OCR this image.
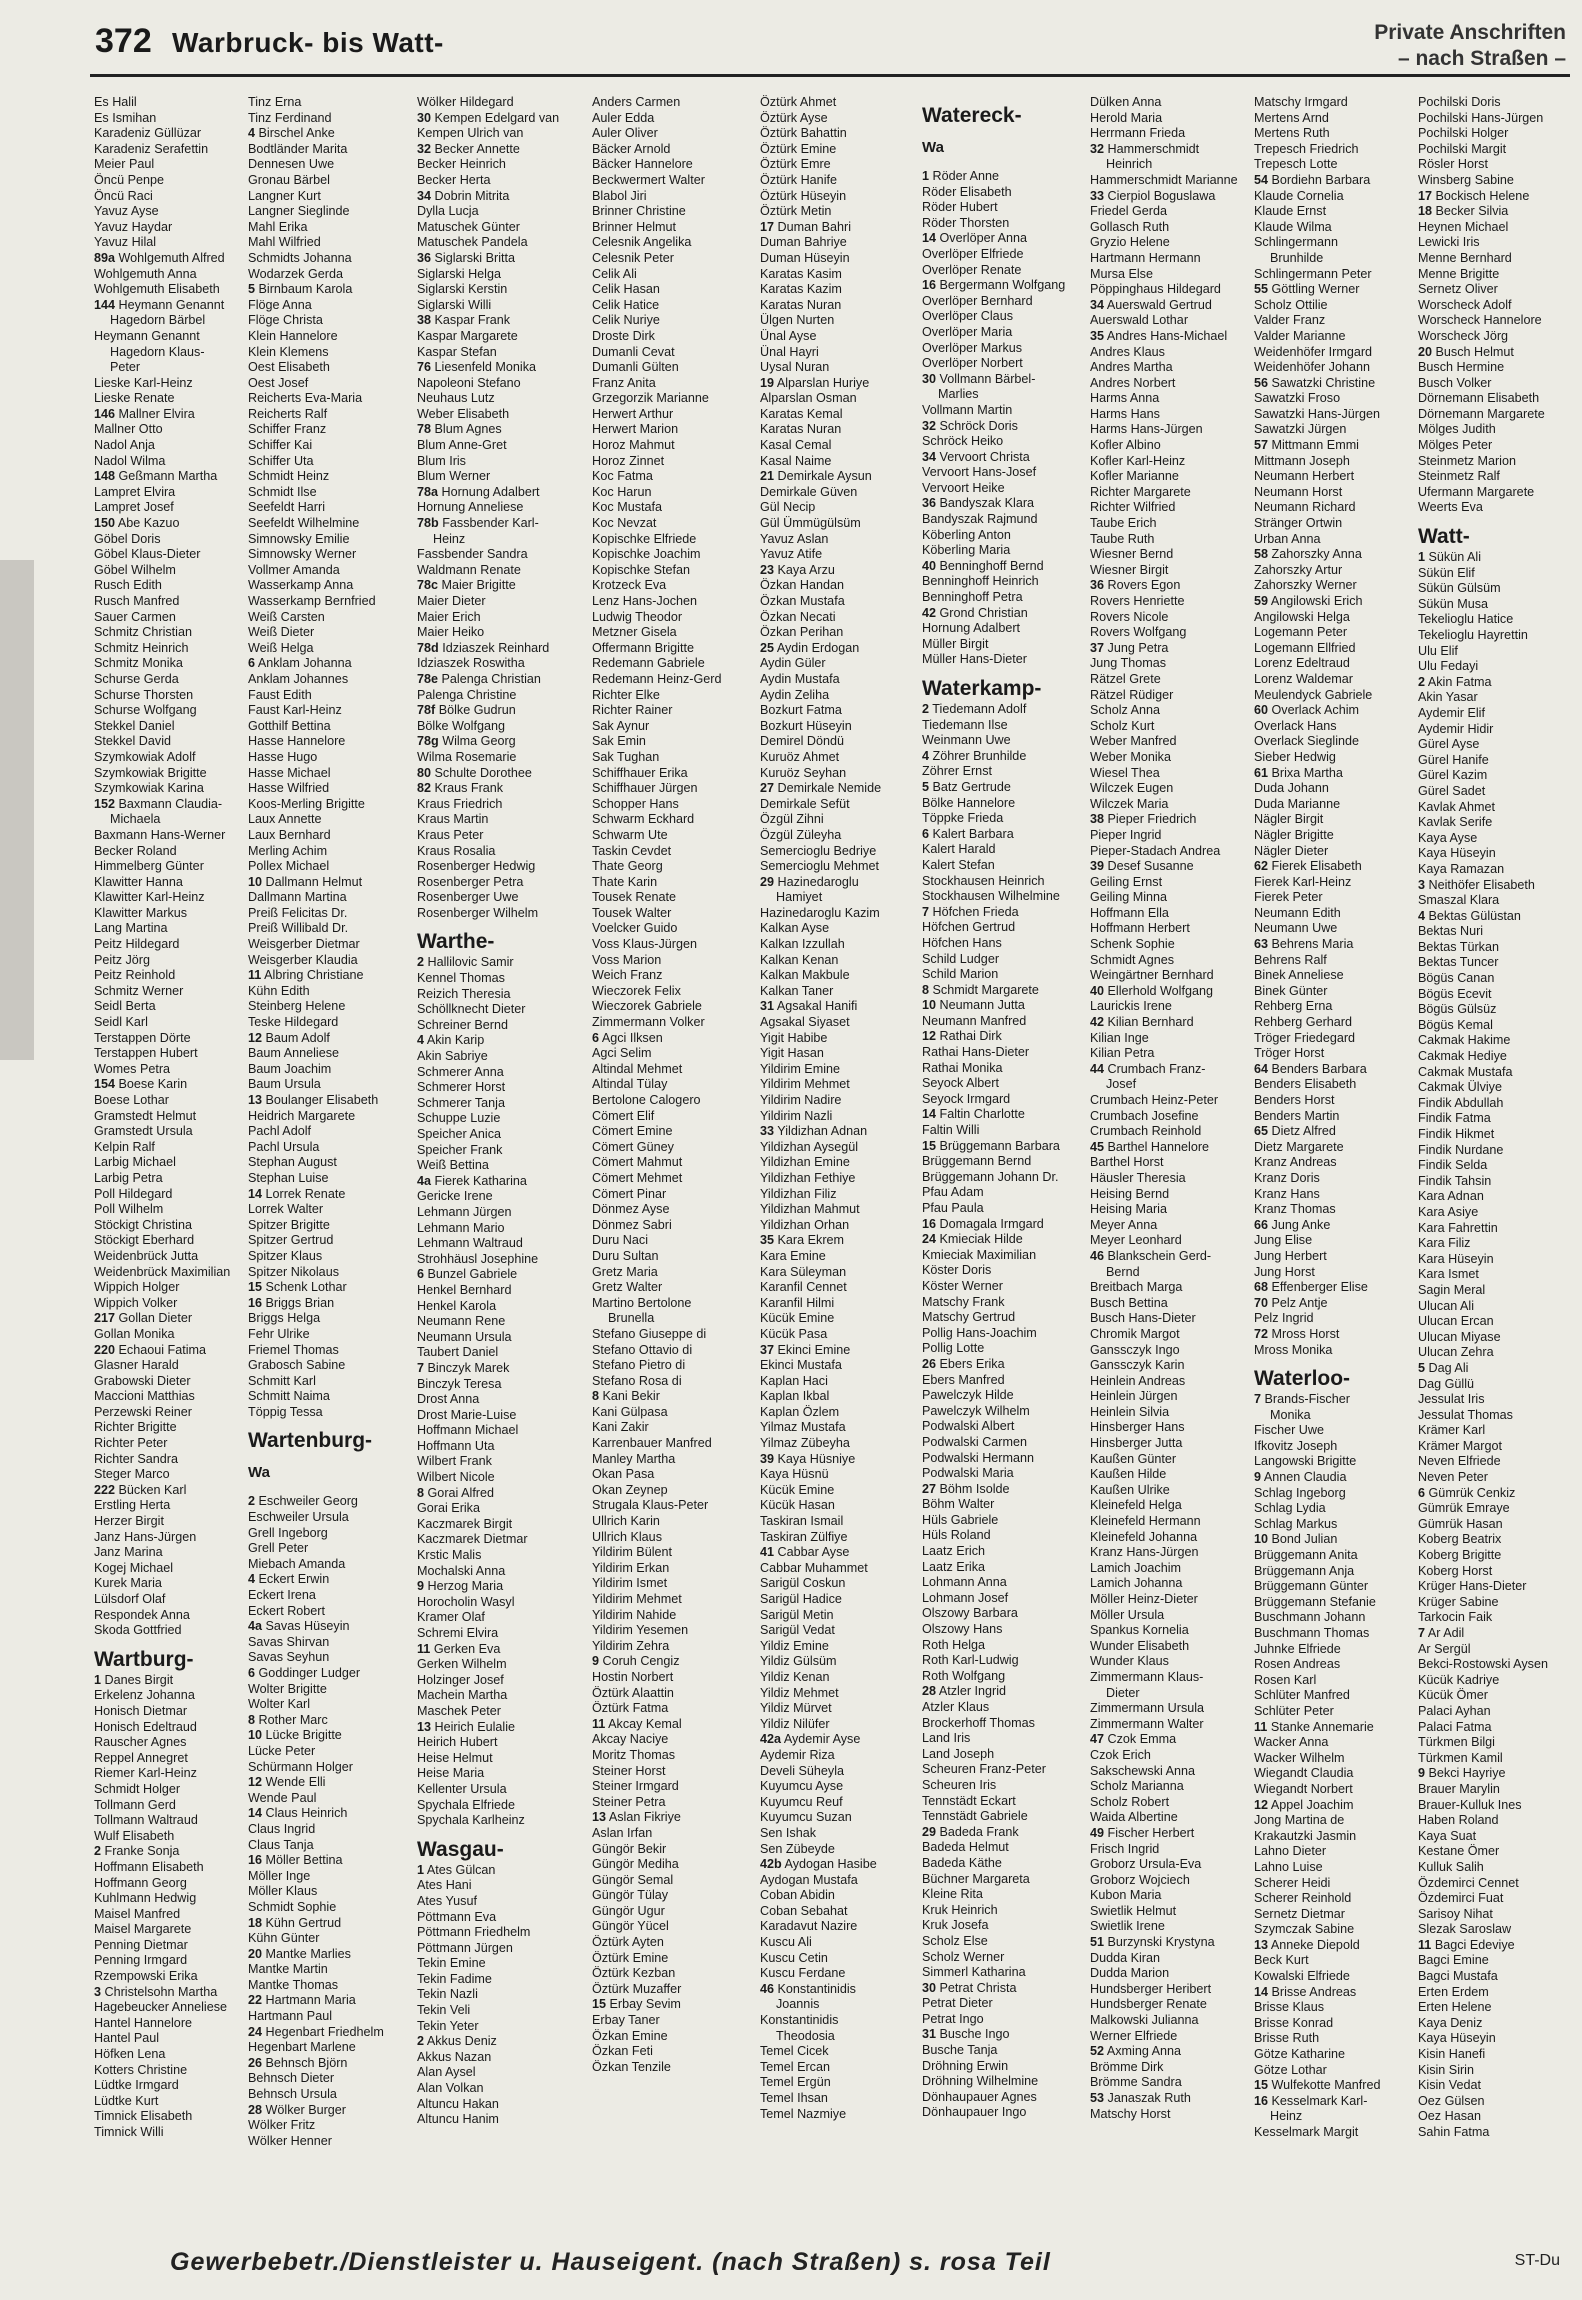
372 Warbruck- bis Watt-	Private Anschriften
– nach Straßen –
Es Halil
Es Ismihan
Karadeniz Güllüzar
Karadeniz Serafettin
Meier Paul
Öncü Penpe
Öncü Raci
Yavuz Ayse
Yavuz Haydar
Yavuz Hilal
89a Wohlgemuth Alfred
Wohlgemuth Anna
Wohlgemuth Elisabeth
144 Heymann Genannt
Hagedorn Bärbel
Heymann Genannt
Hagedorn Klaus-
Peter
Lieske Karl-Heinz
Lieske Renate
146 Mallner Elvira
Mallner Otto
Nadol Anja
Nadol Wilma
148 Geßmann Martha
Lampret Elvira
Lampret Josef
150 Abe Kazuo
Göbel Doris
Göbel Klaus-Dieter
Göbel Wilhelm
Rusch Edith
Rusch Manfred
Sauer Carmen
Schmitz Christian
Schmitz Heinrich
Schmitz Monika
Schurse Gerda
Schurse Thorsten
Schurse Wolfgang
Stekkel Daniel
Stekkel David
Szymkowiak Adolf
Szymkowiak Brigitte
Szymkowiak Karina
152 Baxmann Claudia-
Michaela
Baxmann Hans-Werner
Becker Roland
Himmelberg Günter
Klawitter Hanna
Klawitter Karl-Heinz
Klawitter Markus
Lang Martina
Peitz Hildegard
Peitz Jörg
Peitz Reinhold
Schmitz Werner
Seidl Berta
Seidl Karl
Terstappen Dörte
Terstappen Hubert
Womes Petra
154 Boese Karin
Boese Lothar
Gramstedt Helmut
Gramstedt Ursula
Kelpin Ralf
Larbig Michael
Larbig Petra
Poll Hildegard
Poll Wilhelm
Stöckigt Christina
Stöckigt Eberhard
Weidenbrück Jutta
Weidenbrück Maximilian
Wippich Holger
Wippich Volker
217 Gollan Dieter
Gollan Monika
220 Echaoui Fatima
Glasner Harald
Grabowski Dieter
Maccioni Matthias
Perzewski Reiner
Richter Brigitte
Richter Peter
Richter Sandra
Steger Marco
222 Bücken Karl
Erstling Herta
Herzer Birgit
Janz Hans-Jürgen
Janz Marina
Kogej Michael
Kurek Maria
Lülsdorf Olaf
Respondek Anna
Skoda Gottfried
Wartburg-
1 Danes Birgit
Erkelenz Johanna
Honisch Dietmar
Honisch Edeltraud
Rauscher Agnes
Reppel Annegret
Riemer Karl-Heinz
Schmidt Holger
Tollmann Gerd
Tollmann Waltraud
Wulf Elisabeth
2 Franke Sonja
Hoffmann Elisabeth
Hoffmann Georg
Kuhlmann Hedwig
Maisel Manfred
Maisel Margarete
Penning Dietmar
Penning Irmgard
Rzempowski Erika
3 Christelsohn Martha
Hagebeucker Anneliese
Hantel Hannelore
Hantel Paul
Höfken Lena
Kotters Christine
Lüdtke Irmgard
Lüdtke Kurt
Timnick Elisabeth
Timnick Willi
Tinz Erna
Tinz Ferdinand
4 Birschel Anke
Bodtländer Marita
Dennesen Uwe
Gronau Bärbel
Langner Kurt
Langner Sieglinde
Mahl Erika
Mahl Wilfried
Schmidts Johanna
Wodarzek Gerda
5 Birnbaum Karola
Flöge Anna
Flöge Christa
Klein Hannelore
Klein Klemens
Oest Elisabeth
Oest Josef
Reicherts Eva-Maria
Reicherts Ralf
Schiffer Franz
Schiffer Kai
Schiffer Uta
Schmidt Heinz
Schmidt Ilse
Seefeldt Harri
Seefeldt Wilhelmine
Simnowsky Emilie
Simnowsky Werner
Vollmer Amanda
Wasserkamp Anna
Wasserkamp Bernfried
Weiß Carsten
Weiß Dieter
Weiß Helga
6 Anklam Johanna
Anklam Johannes
Faust Edith
Faust Karl-Heinz
Gotthilf Bettina
Hasse Hannelore
Hasse Hugo
Hasse Michael
Hasse Wilfried
Koos-Merling Brigitte
Laux Annette
Laux Bernhard
Merling Achim
Pollex Michael
10 Dallmann Helmut
Dallmann Martina
Preiß Felicitas Dr.
Preiß Willibald Dr.
Weisgerber Dietmar
Weisgerber Klaudia
11 Albring Christiane
Kühn Edith
Steinberg Helene
Teske Hildegard
12 Baum Adolf
Baum Anneliese
Baum Joachim
Baum Ursula
13 Boulanger Elisabeth
Heidrich Margarete
Pachl Adolf
Pachl Ursula
Stephan August
Stephan Luise
14 Lorrek Renate
Lorrek Walter
Spitzer Brigitte
Spitzer Gertrud
Spitzer Klaus
Spitzer Nikolaus
15 Schenk Lothar
16 Briggs Brian
Briggs Helga
Fehr Ulrike
Friemel Thomas
Grabosch Sabine
Schmitt Karl
Schmitt Naima
Töppig Tessa
Wartenburg-
Wa
2 Eschweiler Georg
Eschweiler Ursula
Grell Ingeborg
Grell Peter
Miebach Amanda
4 Eckert Erwin
Eckert Irena
Eckert Robert
4a Savas Hüseyin
Savas Shirvan
Savas Seyhun
6 Goddinger Ludger
Wolter Brigitte
Wolter Karl
8 Rother Marc
10 Lücke Brigitte
Lücke Peter
Schürmann Holger
12 Wende Elli
Wende Paul
14 Claus Heinrich
Claus Ingrid
Claus Tanja
16 Möller Bettina
Möller Inge
Möller Klaus
Schmidt Sophie
18 Kühn Gertrud
Kühn Günter
20 Mantke Marlies
Mantke Martin
Mantke Thomas
22 Hartmann Maria
Hartmann Paul
24 Hegenbart Friedhelm
Hegenbart Marlene
26 Behnsch Björn
Behnsch Dieter
Behnsch Ursula
28 Wölker Burger
Wölker Fritz
Wölker Henner
Wölker Hildegard
30 Kempen Edelgard van
Kempen Ulrich van
32 Becker Annette
Becker Heinrich
Becker Herta
34 Dobrin Mitrita
Dylla Lucja
Matuschek Günter
Matuschek Pandela
36 Siglarski Britta
Siglarski Helga
Siglarski Kerstin
Siglarski Willi
38 Kaspar Frank
Kaspar Margarete
Kaspar Stefan
76 Liesenfeld Monika
Napoleoni Stefano
Neuhaus Lutz
Weber Elisabeth
78 Blum Agnes
Blum Anne-Gret
Blum Iris
Blum Werner
78a Hornung Adalbert
Hornung Anneliese
78b Fassbender Karl-
Heinz
Fassbender Sandra
Waldmann Renate
78c Maier Brigitte
Maier Dieter
Maier Erich
Maier Heiko
78d Idziaszek Reinhard
Idziaszek Roswitha
78e Palenga Christian
Palenga Christine
78f Bölke Gudrun
Bölke Wolfgang
78g Wilma Georg
Wilma Rosemarie
80 Schulte Dorothee
82 Kraus Frank
Kraus Friedrich
Kraus Martin
Kraus Peter
Kraus Rosalia
Rosenberger Hedwig
Rosenberger Petra
Rosenberger Uwe
Rosenberger Wilhelm
Warthe-
2 Hallilovic Samir
Kennel Thomas
Reizich Theresia
Schöllknecht Dieter
Schreiner Bernd
4 Akin Karip
Akin Sabriye
Schmerer Anna
Schmerer Horst
Schmerer Tanja
Schuppe Luzie
Speicher Anica
Speicher Frank
Weiß Bettina
4a Fierek Katharina
Gericke Irene
Lehmann Jürgen
Lehmann Mario
Lehmann Waltraud
Strohhäusl Josephine
6 Bunzel Gabriele
Henkel Bernhard
Henkel Karola
Neumann Rene
Neumann Ursula
Taubert Daniel
7 Binczyk Marek
Binczyk Teresa
Drost Anna
Drost Marie-Luise
Hoffmann Michael
Hoffmann Uta
Wilbert Frank
Wilbert Nicole
8 Gorai Alfred
Gorai Erika
Kaczmarek Birgit
Kaczmarek Dietmar
Krstic Malis
Mochalski Anna
9 Herzog Maria
Horocholin Wasyl
Kramer Olaf
Schremi Elvira
11 Gerken Eva
Gerken Wilhelm
Holzinger Josef
Machein Martha
Maschek Peter
13 Heirich Eulalie
Heirich Hubert
Heise Helmut
Heise Maria
Kellenter Ursula
Spychala Elfriede
Spychala Karlheinz
Wasgau-
1 Ates Gülcan
Ates Hani
Ates Yusuf
Pöttmann Eva
Pöttmann Friedhelm
Pöttmann Jürgen
Tekin Emine
Tekin Fadime
Tekin Nazli
Tekin Veli
Tekin Yeter
2 Akkus Deniz
Akkus Nazan
Alan Aysel
Alan Volkan
Altuncu Hakan
Altuncu Hanim
Anders Carmen
Auler Edda
Auler Oliver
Bäcker Arnold
Bäcker Hannelore
Beckwermert Walter
Blabol Jiri
Brinner Christine
Brinner Helmut
Celesnik Angelika
Celesnik Peter
Celik Ali
Celik Hasan
Celik Hatice
Celik Nuriye
Droste Dirk
Dumanli Cevat
Dumanli Gülten
Franz Anita
Grzegorzik Marianne
Herwert Arthur
Herwert Marion
Horoz Mahmut
Horoz Zinnet
Koc Fatma
Koc Harun
Koc Mustafa
Koc Nevzat
Kopischke Elfriede
Kopischke Joachim
Kopischke Stefan
Krotzeck Eva
Lenz Hans-Jochen
Ludwig Theodor
Metzner Gisela
Offermann Brigitte
Redemann Gabriele
Redemann Heinz-Gerd
Richter Elke
Richter Rainer
Sak Aynur
Sak Emin
Sak Tughan
Schiffhauer Erika
Schiffhauer Jürgen
Schopper Hans
Schwarm Eckhard
Schwarm Ute
Taskin Cevdet
Thate Georg
Thate Karin
Tousek Renate
Tousek Walter
Voelcker Guido
Voss Klaus-Jürgen
Voss Marion
Weich Franz
Wieczorek Felix
Wieczorek Gabriele
Zimmermann Volker
6 Agci Ilksen
Agci Selim
Altindal Mehmet
Altindal Tülay
Bertolone Calogero
Cömert Elif
Cömert Emine
Cömert Güney
Cömert Mahmut
Cömert Mehmet
Cömert Pinar
Dönmez Ayse
Dönmez Sabri
Duru Naci
Duru Sultan
Gretz Maria
Gretz Walter
Martino Bertolone
Brunella
Stefano Giuseppe di
Stefano Ottavio di
Stefano Pietro di
Stefano Rosa di
8 Kani Bekir
Kani Gülpasa
Kani Zakir
Karrenbauer Manfred
Manley Martha
Okan Pasa
Okan Zeynep
Strugala Klaus-Peter
Ullrich Karin
Ullrich Klaus
Yildirim Bülent
Yildirim Erkan
Yildirim Ismet
Yildirim Mehmet
Yildirim Nahide
Yildirim Yesemen
Yildirim Zehra
9 Coruh Cengiz
Hostin Norbert
Öztürk Alaattin
Öztürk Fatma
11 Akcay Kemal
Akcay Naciye
Moritz Thomas
Steiner Horst
Steiner Irmgard
Steiner Petra
13 Aslan Fikriye
Aslan Irfan
Güngör Bekir
Güngör Mediha
Güngör Semal
Güngör Tülay
Güngör Ugur
Güngör Yücel
Öztürk Ayten
Öztürk Emine
Öztürk Kezban
Öztürk Muzaffer
15 Erbay Sevim
Erbay Taner
Özkan Emine
Özkan Feti
Özkan Tenzile
Öztürk Ahmet
Öztürk Ayse
Öztürk Bahattin
Öztürk Emine
Öztürk Emre
Öztürk Hanife
Öztürk Hüseyin
Öztürk Metin
17 Duman Bahri
Duman Bahriye
Duman Hüseyin
Karatas Kasim
Karatas Kazim
Karatas Nuran
Ülgen Nurten
Ünal Ayse
Ünal Hayri
Uysal Nuran
19 Alparslan Huriye
Alparslan Osman
Karatas Kemal
Karatas Nuran
Kasal Cemal
Kasal Naime
21 Demirkale Aysun
Demirkale Güven
Gül Necip
Gül Ümmügülsüm
Yavuz Aslan
Yavuz Atife
23 Kaya Arzu
Özkan Handan
Özkan Mustafa
Özkan Necati
Özkan Perihan
25 Aydin Erdogan
Aydin Güler
Aydin Mustafa
Aydin Zeliha
Bozkurt Fatma
Bozkurt Hüseyin
Demirel Döndü
Kuruöz Ahmet
Kuruöz Seyhan
27 Demirkale Nemide
Demirkale Sefüt
Özgül Zihni
Özgül Züleyha
Semercioglu Bedriye
Semercioglu Mehmet
29 Hazinedaroglu
Hamiyet
Hazinedaroglu Kazim
Kalkan Ayse
Kalkan Izzullah
Kalkan Kenan
Kalkan Makbule
Kalkan Taner
31 Agsakal Hanifi
Agsakal Siyaset
Yigit Habibe
Yigit Hasan
Yildirim Emine
Yildirim Mehmet
Yildirim Nadire
Yildirim Nazli
33 Yildizhan Adnan
Yildizhan Aysegül
Yildizhan Emine
Yildizhan Fethiye
Yildizhan Filiz
Yildizhan Mahmut
Yildizhan Orhan
35 Kara Ekrem
Kara Emine
Kara Süleyman
Karanfil Cennet
Karanfil Hilmi
Kücük Emine
Kücük Pasa
37 Ekinci Emine
Ekinci Mustafa
Kaplan Haci
Kaplan Ikbal
Kaplan Özlem
Yilmaz Mustafa
Yilmaz Zübeyha
39 Kaya Hüsniye
Kaya Hüsnü
Kücük Emine
Kücük Hasan
Taskiran Ismail
Taskiran Zülfiye
41 Cabbar Ayse
Cabbar Muhammet
Sarigül Coskun
Sarigül Hadice
Sarigül Metin
Sarigül Vedat
Yildiz Emine
Yildiz Gülsüm
Yildiz Kenan
Yildiz Mehmet
Yildiz Mürvet
Yildiz Nilüfer
42a Aydemir Ayse
Aydemir Riza
Develi Süheyla
Kuyumcu Ayse
Kuyumcu Reuf
Kuyumcu Suzan
Sen Ishak
Sen Zübeyde
42b Aydogan Hasibe
Aydogan Mustafa
Coban Abidin
Coban Sebahat
Karadavut Nazire
Kuscu Ali
Kuscu Cetin
Kuscu Ferdane
46 Konstantinidis
Joannis
Konstantinidis
Theodosia
Temel Cicek
Temel Ercan
Temel Ergün
Temel Ihsan
Temel Nazmiye
Watereck-
Wa
1 Röder Anne
Röder Elisabeth
Röder Hubert
Röder Thorsten
14 Overlöper Anna
Overlöper Elfriede
Overlöper Renate
16 Bergermann Wolfgang
Overlöper Bernhard
Overlöper Claus
Overlöper Maria
Overlöper Markus
Overlöper Norbert
30 Vollmann Bärbel-
Marlies
Vollmann Martin
32 Schröck Doris
Schröck Heiko
34 Vervoort Christa
Vervoort Hans-Josef
Vervoort Heike
36 Bandyszak Klara
Bandyszak Rajmund
Köberling Anton
Köberling Maria
40 Benninghoff Bernd
Benninghoff Heinrich
Benninghoff Petra
42 Grond Christian
Hornung Adalbert
Müller Birgit
Müller Hans-Dieter
Waterkamp-
2 Tiedemann Adolf
Tiedemann Ilse
Weinmann Uwe
4 Zöhrer Brunhilde
Zöhrer Ernst
5 Batz Gertrude
Bölke Hannelore
Töppke Frieda
6 Kalert Barbara
Kalert Harald
Kalert Stefan
Stockhausen Heinrich
Stockhausen Wilhelmine
7 Höfchen Frieda
Höfchen Gertrud
Höfchen Hans
Schild Ludger
Schild Marion
8 Schmidt Margarete
10 Neumann Jutta
Neumann Manfred
12 Rathai Dirk
Rathai Hans-Dieter
Rathai Monika
Seyock Albert
Seyock Irmgard
14 Faltin Charlotte
Faltin Willi
15 Brüggemann Barbara
Brüggemann Bernd
Brüggemann Johann Dr.
Pfau Adam
Pfau Paula
16 Domagala Irmgard
24 Kmieciak Hilde
Kmieciak Maximilian
Köster Doris
Köster Werner
Matschy Frank
Matschy Gertrud
Pollig Hans-Joachim
Pollig Lotte
26 Ebers Erika
Ebers Manfred
Pawelczyk Hilde
Pawelczyk Wilhelm
Podwalski Albert
Podwalski Carmen
Podwalski Hermann
Podwalski Maria
27 Böhm Isolde
Böhm Walter
Hüls Gabriele
Hüls Roland
Laatz Erich
Laatz Erika
Lohmann Anna
Lohmann Josef
Olszowy Barbara
Olszowy Hans
Roth Helga
Roth Karl-Ludwig
Roth Wolfgang
28 Atzler Ingrid
Atzler Klaus
Brockerhoff Thomas
Land Iris
Land Joseph
Scheuren Franz-Peter
Scheuren Iris
Tennstädt Eckart
Tennstädt Gabriele
29 Badeda Frank
Badeda Helmut
Badeda Käthe
Büchner Margareta
Kleine Rita
Kruk Heinrich
Kruk Josefa
Scholz Else
Scholz Werner
Simmerl Katharina
30 Petrat Christa
Petrat Dieter
Petrat Ingo
31 Busche Ingo
Busche Tanja
Dröhning Erwin
Dröhning Wilhelmine
Dönhaupauer Agnes
Dönhaupauer Ingo
Dülken Anna
Herold Maria
Herrmann Frieda
32 Hammerschmidt
Heinrich
Hammerschmidt Marianne
33 Cierpiol Boguslawa
Friedel Gerda
Gollasch Ruth
Gryzio Helene
Hartmann Hermann
Mursa Else
Pöppinghaus Hildegard
34 Auerswald Gertrud
Auerswald Lothar
35 Andres Hans-Michael
Andres Klaus
Andres Martha
Andres Norbert
Harms Anna
Harms Hans
Harms Hans-Jürgen
Kofler Albino
Kofler Karl-Heinz
Kofler Marianne
Richter Margarete
Richter Wilfried
Taube Erich
Taube Ruth
Wiesner Bernd
Wiesner Birgit
36 Rovers Egon
Rovers Henriette
Rovers Nicole
Rovers Wolfgang
37 Jung Petra
Jung Thomas
Rätzel Grete
Rätzel Rüdiger
Scholz Anna
Scholz Kurt
Weber Manfred
Weber Monika
Wiesel Thea
Wilczek Eugen
Wilczek Maria
38 Pieper Friedrich
Pieper Ingrid
Pieper-Stadach Andrea
39 Desef Susanne
Geiling Ernst
Geiling Minna
Hoffmann Ella
Hoffmann Herbert
Schenk Sophie
Schmidt Agnes
Weingärtner Bernhard
40 Ellerhold Wolfgang
Laurickis Irene
42 Kilian Bernhard
Kilian Inge
Kilian Petra
44 Crumbach Franz-
Josef
Crumbach Heinz-Peter
Crumbach Josefine
Crumbach Reinhold
45 Barthel Hannelore
Barthel Horst
Häusler Theresia
Heising Bernd
Heising Maria
Meyer Anna
Meyer Leonhard
46 Blankschein Gerd-
Bernd
Breitbach Marga
Busch Bettina
Busch Hans-Dieter
Chromik Margot
Ganssczyk Ingo
Ganssczyk Karin
Heinlein Andreas
Heinlein Jürgen
Heinlein Silvia
Hinsberger Hans
Hinsberger Jutta
Kaußen Günter
Kaußen Hilde
Kaußen Ulrike
Kleinefeld Helga
Kleinefeld Hermann
Kleinefeld Johanna
Kranz Hans-Jürgen
Lamich Joachim
Lamich Johanna
Möller Heinz-Dieter
Möller Ursula
Spankus Kornelia
Wunder Elisabeth
Wunder Klaus
Zimmermann Klaus-
Dieter
Zimmermann Ursula
Zimmermann Walter
47 Czok Emma
Czok Erich
Sakschewski Anna
Scholz Marianna
Scholz Robert
Waida Albertine
49 Fischer Herbert
Frisch Ingrid
Groborz Ursula-Eva
Groborz Wojciech
Kubon Maria
Swietlik Helmut
Swietlik Irene
51 Burzynski Krystyna
Dudda Kiran
Dudda Marion
Hundsberger Heribert
Hundsberger Renate
Malkowski Julianna
Werner Elfriede
52 Axming Anna
Brömme Dirk
Brömme Sandra
53 Janaszak Ruth
Matschy Horst
Matschy Irmgard
Mertens Arnd
Mertens Ruth
Trepesch Friedrich
Trepesch Lotte
54 Bordiehn Barbara
Klaude Cornelia
Klaude Ernst
Klaude Wilma
Schlingermann
Brunhilde
Schlingermann Peter
55 Göttling Werner
Scholz Ottilie
Valder Franz
Valder Marianne
Weidenhöfer Irmgard
Weidenhöfer Johann
56 Sawatzki Christine
Sawatzki Froso
Sawatzki Hans-Jürgen
Sawatzki Jürgen
57 Mittmann Emmi
Mittmann Joseph
Neumann Herbert
Neumann Horst
Neumann Richard
Stränger Ortwin
Urban Anna
58 Zahorszky Anna
Zahorszky Artur
Zahorszky Werner
59 Angilowski Erich
Angilowski Helga
Logemann Peter
Logemann Ellfried
Lorenz Edeltraud
Lorenz Waldemar
Meulendyck Gabriele
60 Overlack Achim
Overlack Hans
Overlack Sieglinde
Sieber Hedwig
61 Brixa Martha
Duda Johann
Duda Marianne
Nägler Birgit
Nägler Brigitte
Nägler Dieter
62 Fierek Elisabeth
Fierek Karl-Heinz
Fierek Peter
Neumann Edith
Neumann Uwe
63 Behrens Maria
Behrens Ralf
Binek Anneliese
Binek Günter
Rehberg Erna
Rehberg Gerhard
Tröger Friedegard
Tröger Horst
64 Benders Barbara
Benders Elisabeth
Benders Horst
Benders Martin
65 Dietz Alfred
Dietz Margarete
Kranz Andreas
Kranz Doris
Kranz Hans
Kranz Thomas
66 Jung Anke
Jung Elise
Jung Herbert
Jung Horst
68 Effenberger Elise
70 Pelz Antje
Pelz Ingrid
72 Mross Horst
Mross Monika
Waterloo-
7 Brands-Fischer
Monika
Fischer Uwe
Ifkovitz Joseph
Langowski Brigitte
9 Annen Claudia
Schlag Ingeborg
Schlag Lydia
Schlag Markus
10 Bond Julian
Brüggemann Anita
Brüggemann Anja
Brüggemann Günter
Brüggemann Stefanie
Buschmann Johann
Buschmann Thomas
Juhnke Elfriede
Rosen Andreas
Rosen Karl
Schlüter Manfred
Schlüter Peter
11 Stanke Annemarie
Wacker Anna
Wacker Wilhelm
Wiegandt Claudia
Wiegandt Norbert
12 Appel Joachim
Jong Martina de
Krakautzki Jasmin
Lahno Dieter
Lahno Luise
Scherer Heidi
Scherer Reinhold
Sernetz Dietmar
Szymczak Sabine
13 Anneke Diepold
Beck Kurt
Kowalski Elfriede
14 Brisse Andreas
Brisse Klaus
Brisse Konrad
Brisse Ruth
Götze Katharine
Götze Lothar
15 Wulfekotte Manfred
16 Kesselmark Karl-
Heinz
Kesselmark Margit
Pochilski Doris
Pochilski Hans-Jürgen
Pochilski Holger
Pochilski Margit
Rösler Horst
Winsberg Sabine
17 Bockisch Helene
18 Becker Silvia
Heynen Michael
Lewicki Iris
Menne Bernhard
Menne Brigitte
Sernetz Oliver
Worscheck Adolf
Worscheck Hannelore
Worscheck Jörg
20 Busch Helmut
Busch Hermine
Busch Volker
Dörnemann Elisabeth
Dörnemann Margarete
Mölges Judith
Mölges Peter
Steinmetz Marion
Steinmetz Ralf
Ufermann Margarete
Weerts Eva
Watt-
1 Sükün Ali
Sükün Elif
Sükün Gülsüm
Sükün Musa
Tekelioglu Hatice
Tekelioglu Hayrettin
Ulu Elif
Ulu Fedayi
2 Akin Fatma
Akin Yasar
Aydemir Elif
Aydemir Hidir
Gürel Ayse
Gürel Hanife
Gürel Kazim
Gürel Sadet
Kavlak Ahmet
Kavlak Serife
Kaya Ayse
Kaya Hüseyin
Kaya Ramazan
3 Neithöfer Elisabeth
Smaszal Klara
4 Bektas Gülüstan
Bektas Nuri
Bektas Türkan
Bektas Tuncer
Bögüs Canan
Bögüs Ecevit
Bögüs Gülsüz
Bögüs Kemal
Cakmak Hakime
Cakmak Hediye
Cakmak Mustafa
Cakmak Ülviye
Findik Abdullah
Findik Fatma
Findik Hikmet
Findik Nurdane
Findik Selda
Findik Tahsin
Kara Adnan
Kara Asiye
Kara Fahrettin
Kara Filiz
Kara Hüseyin
Kara Ismet
Sagin Meral
Ulucan Ali
Ulucan Ercan
Ulucan Miyase
Ulucan Zehra
5 Dag Ali
Dag Güllü
Jessulat Iris
Jessulat Thomas
Krämer Karl
Krämer Margot
Neven Elfriede
Neven Peter
6 Gümrük Cenkiz
Gümrük Emraye
Gümrük Hasan
Koberg Beatrix
Koberg Brigitte
Koberg Horst
Krüger Hans-Dieter
Krüger Sabine
Tarkocin Faik
7 Ar Adil
Ar Sergül
Bekci-Rostowski Aysen
Kücük Kadriye
Kücük Ömer
Palaci Ayhan
Palaci Fatma
Türkmen Bilgi
Türkmen Kamil
9 Bekci Hayriye
Brauer Marylin
Brauer-Kulluk Ines
Haben Roland
Kaya Suat
Kestane Ömer
Kulluk Salih
Özdemirci Cennet
Özdemirci Fuat
Sarisoy Nihat
Slezak Saroslaw
11 Bagci Edeviye
Bagci Emine
Bagci Mustafa
Erten Erdem
Erten Helene
Kaya Deniz
Kaya Hüseyin
Kisin Hanefi
Kisin Sirin
Kisin Vedat
Oez Gülsen
Oez Hasan
Sahin Fatma
Gewerbebetr./Dienstleister u. Hauseigent. (nach Straßen) s. rosa Teil	ST-Du
